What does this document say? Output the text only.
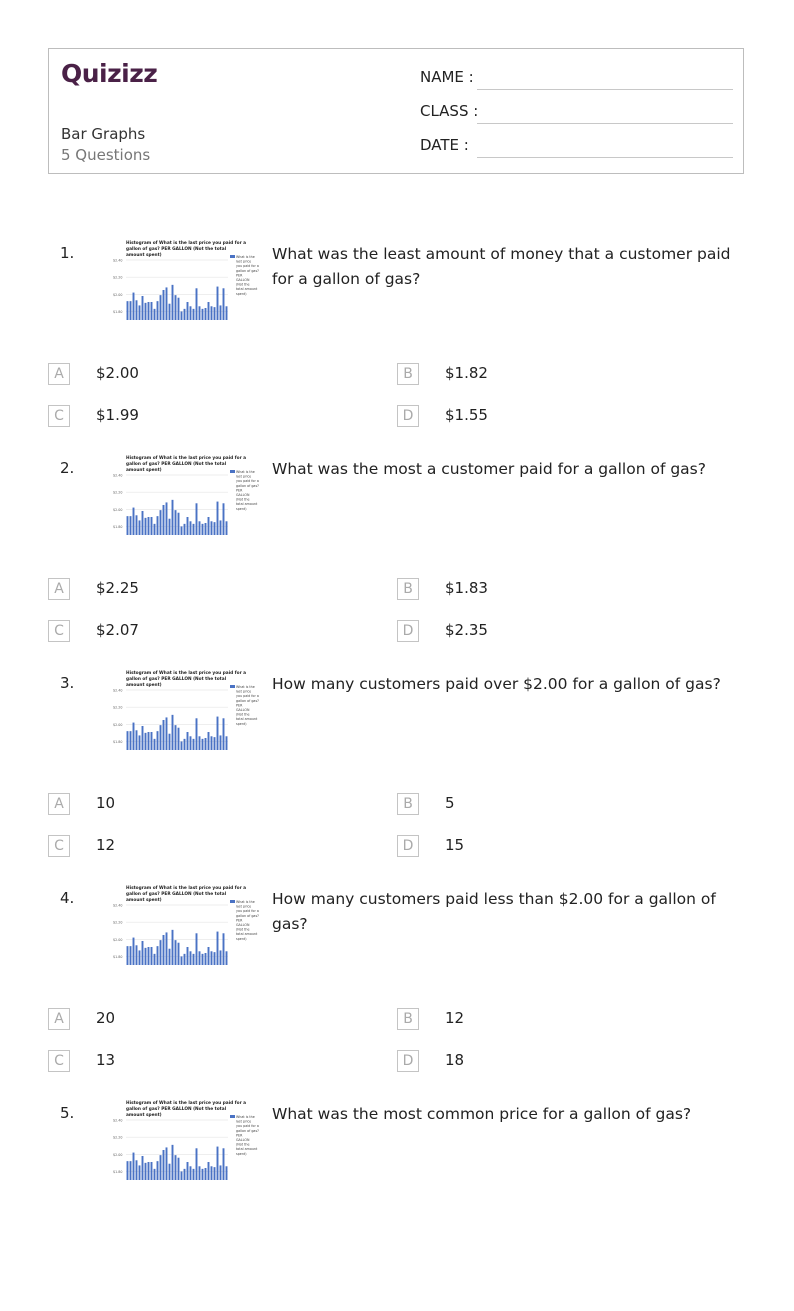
Quizizz
Bar Graphs
5 Questions
NAME :
CLASS :
DATE :
1.
Histogram of What is the last price you paid for a
gallon of gas? PER GALLON (Not the total
amount spent)
$2.40
$2.20
$2.00
$1.80
What is the
last price
you paid for a
gallon of gas?
PER
GALLON
(Not the
total amount
spent)
What was the least amount of money that a customer paid for a gallon of gas?
A	$2.00	B	$1.82
C	$1.99	D	$1.55
2.
Histogram of What is the last price you paid for a
gallon of gas? PER GALLON (Not the total
amount spent)
$2.40
$2.20
$2.00
$1.80
What is the
last price
you paid for a
gallon of gas?
PER
GALLON
(Not the
total amount
spent)
What was the most a customer paid for a gallon of gas?
A	$2.25	B	$1.83
C	$2.07	D	$2.35
3.
Histogram of What is the last price you paid for a
gallon of gas? PER GALLON (Not the total
amount spent)
$2.40
$2.20
$2.00
$1.80
What is the
last price
you paid for a
gallon of gas?
PER
GALLON
(Not the
total amount
spent)
How many customers paid over $2.00 for a gallon of gas?
A	10	B	5
C	12	D	15
4.
Histogram of What is the last price you paid for a
gallon of gas? PER GALLON (Not the total
amount spent)
$2.40
$2.20
$2.00
$1.80
What is the
last price
you paid for a
gallon of gas?
PER
GALLON
(Not the
total amount
spent)
How many customers paid less than $2.00 for a gallon of gas?
A	20	B	12
C	13	D	18
5.
Histogram of What is the last price you paid for a
gallon of gas? PER GALLON (Not the total
amount spent)
$2.40
$2.20
$2.00
$1.80
What is the
last price
you paid for a
gallon of gas?
PER
GALLON
(Not the
total amount
spent)
What was the most common price for a gallon of gas?
